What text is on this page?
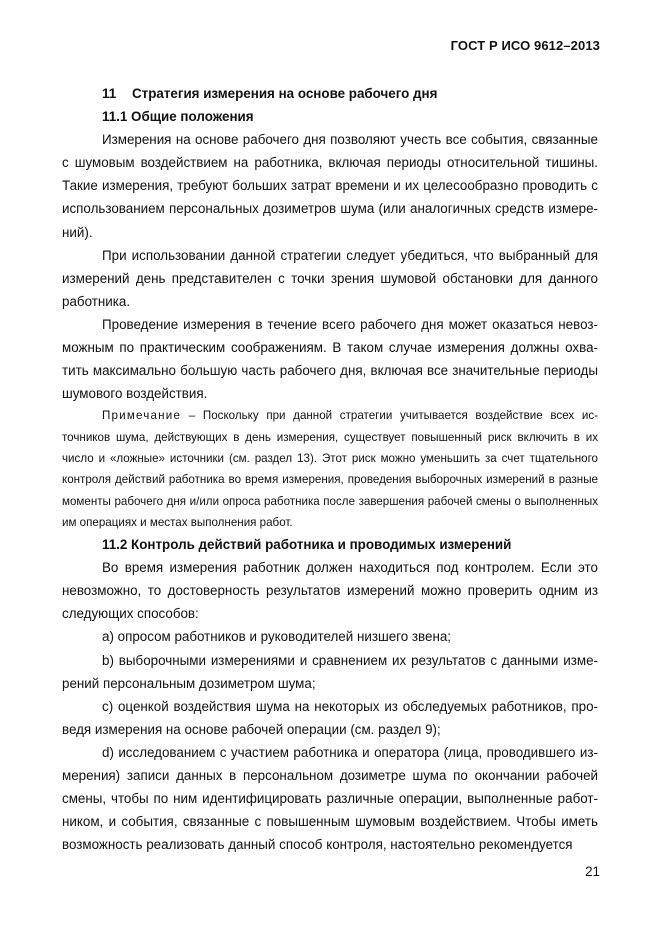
ГОСТ Р ИСО 9612–2013
11 Стратегия измерения на основе рабочего дня
11.1 Общие положения

Измерения на основе рабочего дня позволяют учесть все события, связанные с шумовым воздействием на работника, включая периоды относительной тишины. Такие измерения, требуют больших затрат времени и их целесообразно проводить с использованием персональных дозиметров шума (или аналогичных средств измерений).

При использовании данной стратегии следует убедиться, что выбранный для измерений день представителен с точки зрения шумовой обстановки для данного работника.

Проведение измерения в течение всего рабочего дня может оказаться невозможным по практическим соображениям. В таком случае измерения должны охватить максимально большую часть рабочего дня, включая все значительные периоды шумового воздействия.

Примечание – Поскольку при данной стратегии учитывается воздействие всех источников шума, действующих в день измерения, существует повышенный риск включить в их число и «ложные» источники (см. раздел 13). Этот риск можно уменьшить за счет тщательного контроля действий работника во время измерения, проведения выборочных измерений в разные моменты рабочего дня и/или опроса работника после завершения рабочей смены о выполненных им операциях и местах выполнения работ.

11.2 Контроль действий работника и проводимых измерений

Во время измерения работник должен находиться под контролем. Если это невозможно, то достоверность результатов измерений можно проверить одним из следующих способов:

a) опросом работников и руководителей низшего звена;

b) выборочными измерениями и сравнением их результатов с данными измерений персональным дозиметром шума;

c) оценкой воздействия шума на некоторых из обследуемых работников, проведя измерения на основе рабочей операции (см. раздел 9);

d) исследованием с участием работника и оператора (лица, проводившего измерения) записи данных в персональном дозиметре шума по окончании рабочей смены, чтобы по ним идентифицировать различные операции, выполненные работником, и события, связанные с повышенным шумовым воздействием. Чтобы иметь возможность реализовать данный способ контроля, настоятельно рекомендуется

21
